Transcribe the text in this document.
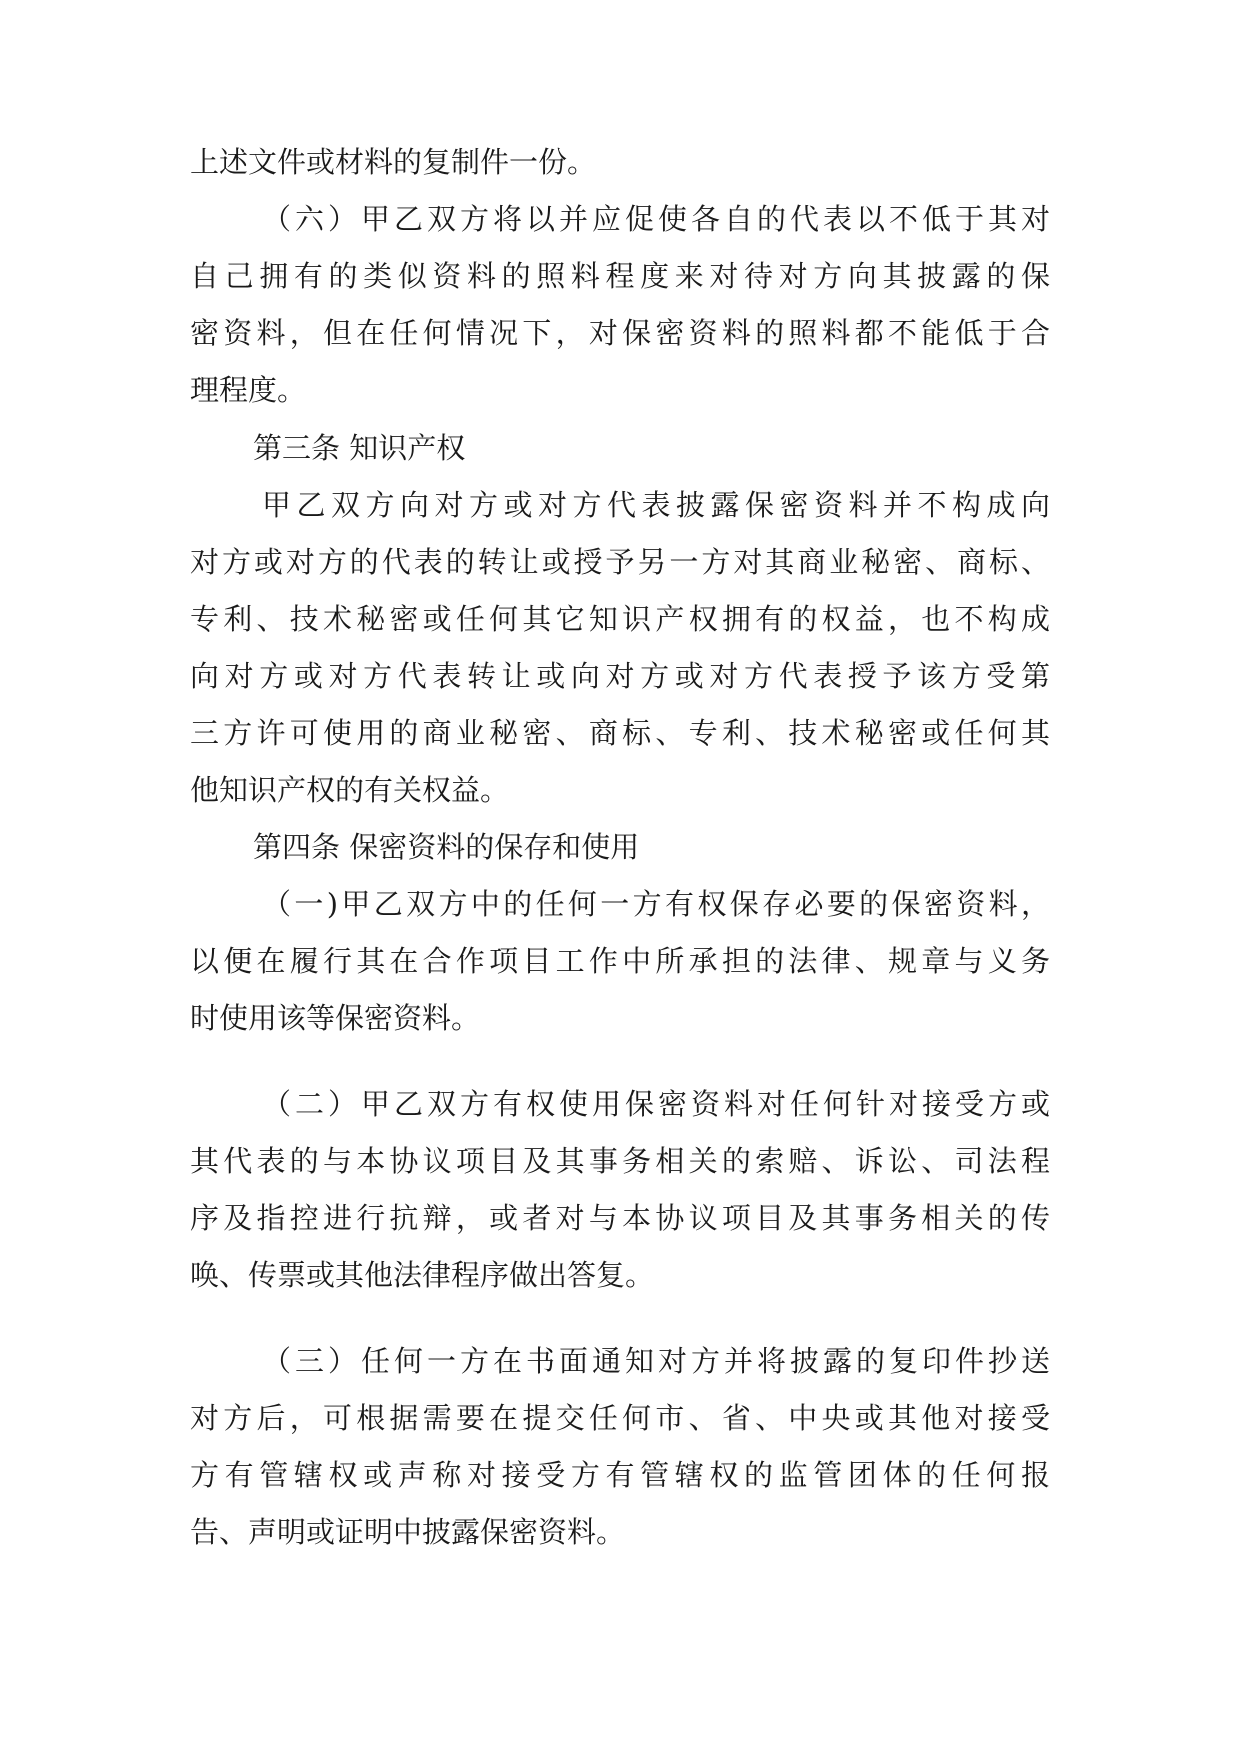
上述文件或材料的复制件一份。
（六）甲乙双方将以并应促使各自的代表以不低于其对
自己拥有的类似资料的照料程度来对待对方向其披露的保
密资料，但在任何情况下，对保密资料的照料都不能低于合
理程度。
第三条 知识产权
甲乙双方向对方或对方代表披露保密资料并不构成向
对方或对方的代表的转让或授予另一方对其商业秘密、商标、
专利、技术秘密或任何其它知识产权拥有的权益，也不构成
向对方或对方代表转让或向对方或对方代表授予该方受第
三方许可使用的商业秘密、商标、专利、技术秘密或任何其
他知识产权的有关权益。
第四条 保密资料的保存和使用
（一)甲乙双方中的任何一方有权保存必要的保密资料，
以便在履行其在合作项目工作中所承担的法律、规章与义务
时使用该等保密资料。
（二）甲乙双方有权使用保密资料对任何针对接受方或
其代表的与本协议项目及其事务相关的索赔、诉讼、司法程
序及指控进行抗辩，或者对与本协议项目及其事务相关的传
唤、传票或其他法律程序做出答复。
（三）任何一方在书面通知对方并将披露的复印件抄送
对方后，可根据需要在提交任何市、省、中央或其他对接受
方有管辖权或声称对接受方有管辖权的监管团体的任何报
告、声明或证明中披露保密资料。
